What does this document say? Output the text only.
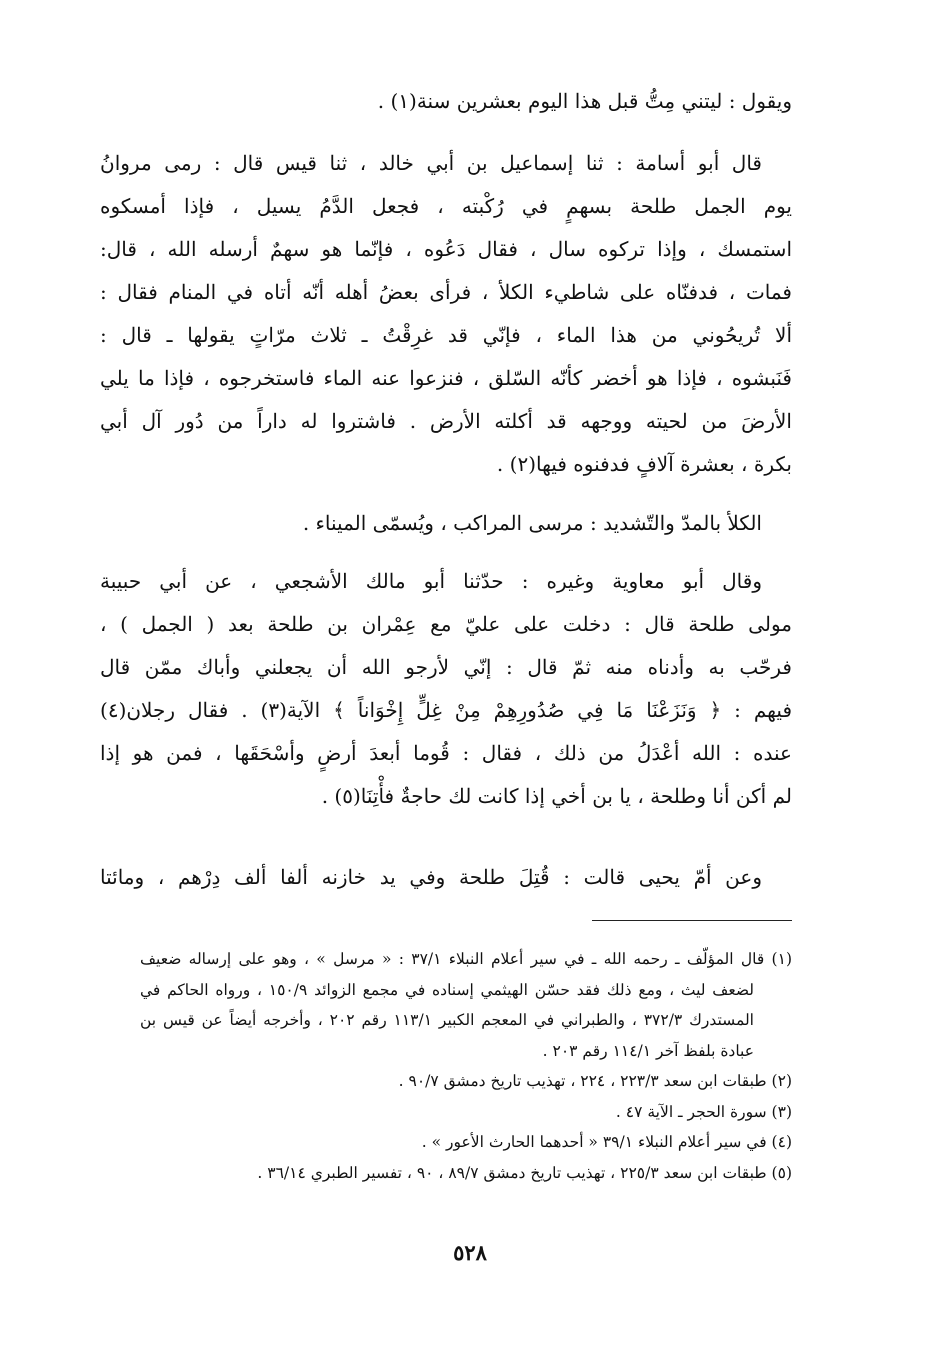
ويقول : ليتني مِتُّ قبل هذا اليوم بعشرين سنة(١) .
قال أبو أسامة : ثنا إسماعيل بن أبي خالد ، ثنا قيس قال : رمى مروانُ
يوم الجمل طلحة بسهمٍ في رُكْبته ، فجعل الدَّمُ يسيل ، فإذا أمسكوه
استمسك ، وإذا تركوه سال ، فقال دَعُوه ، فإنّما هو سهمٌ أرسله الله ، قال:
فمات ، فدفنّاه على شاطيء الكلأ ، فرأى بعضُ أهله أنّه أتاه في المنام فقال :
ألا تُريحُوني من هذا الماء ، فإنّي قد غرِقْتُ ـ ثلاث مرّاتٍ يقولها ـ قال :
فَنَبشوه ، فإذا هو أخضر كأنّه السّلق ، فنزعوا عنه الماء فاستخرجوه ، فإذا ما يلي
الأرضَ من لحيته ووجهه قد أكلته الأرض . فاشتروا له داراً من دُور آل أبي
بكرة ، بعشرة آلافٍ فدفنوه فيها(٢) .
الكلأ بالمدّ والتّشديد : مرسى المراكب ، ويُسمّى الميناء .
وقال أبو معاوية وغيره : حدّثنا أبو مالك الأشجعي ، عن أبي حبيبة
مولى طلحة قال : دخلت على عليّ مع عِمْران بن طلحة بعد ( الجمل ) ،
فرحّب به وأدناه منه ثمّ قال : إنّي لأرجو الله أن يجعلني وأباك ممّن قال
فيهم : ﴿ وَنَزَعْنَا مَا فِي صُدُورِهِمْ مِنْ غِلٍّ إِخْوَاناً ﴾ الآية(٣) . فقال رجلان(٤)
عنده : الله أعْدَلُ من ذلك ، فقال : قُوما أبعدَ أرضٍ وأسْحَقَها ، فمن هو إذا
لم أكن أنا وطلحة ، يا بن أخي إذا كانت لك حاجةٌ فأْتِنَا(٥) .
وعن أمّ يحيى قالت : قُتِلَ طلحة وفي يد خازنه ألفا ألف دِرْهم ، ومائتا
(١) قال المؤلّف ـ رحمه الله ـ في سير أعلام النبلاء ٣٧/١ : « مرسل » ، وهو على إرساله ضعيف
لضعف ليث ، ومع ذلك فقد حسّن الهيثمي إسناده في مجمع الزوائد ١٥٠/٩ ، ورواه الحاكم في
المستدرك ٣٧٢/٣ ، والطبراني في المعجم الكبير ١١٣/١ رقم ٢٠٢ ، وأخرجه أيضاً عن قيس بن
عبادة بلفظ آخر ١١٤/١ رقم ٢٠٣ .
(٢) طبقات ابن سعد ٢٢٣/٣ ، ٢٢٤ ، تهذيب تاريخ دمشق ٩٠/٧ .
(٣) سورة الحجر ـ الآية ٤٧ .
(٤) في سير أعلام النبلاء ٣٩/١ « أحدهما الحارث الأعور » .
(٥) طبقات ابن سعد ٢٢٥/٣ ، تهذيب تاريخ دمشق ٨٩/٧ ، ٩٠ ، تفسير الطبري ٣٦/١٤ .
٥٢٨
